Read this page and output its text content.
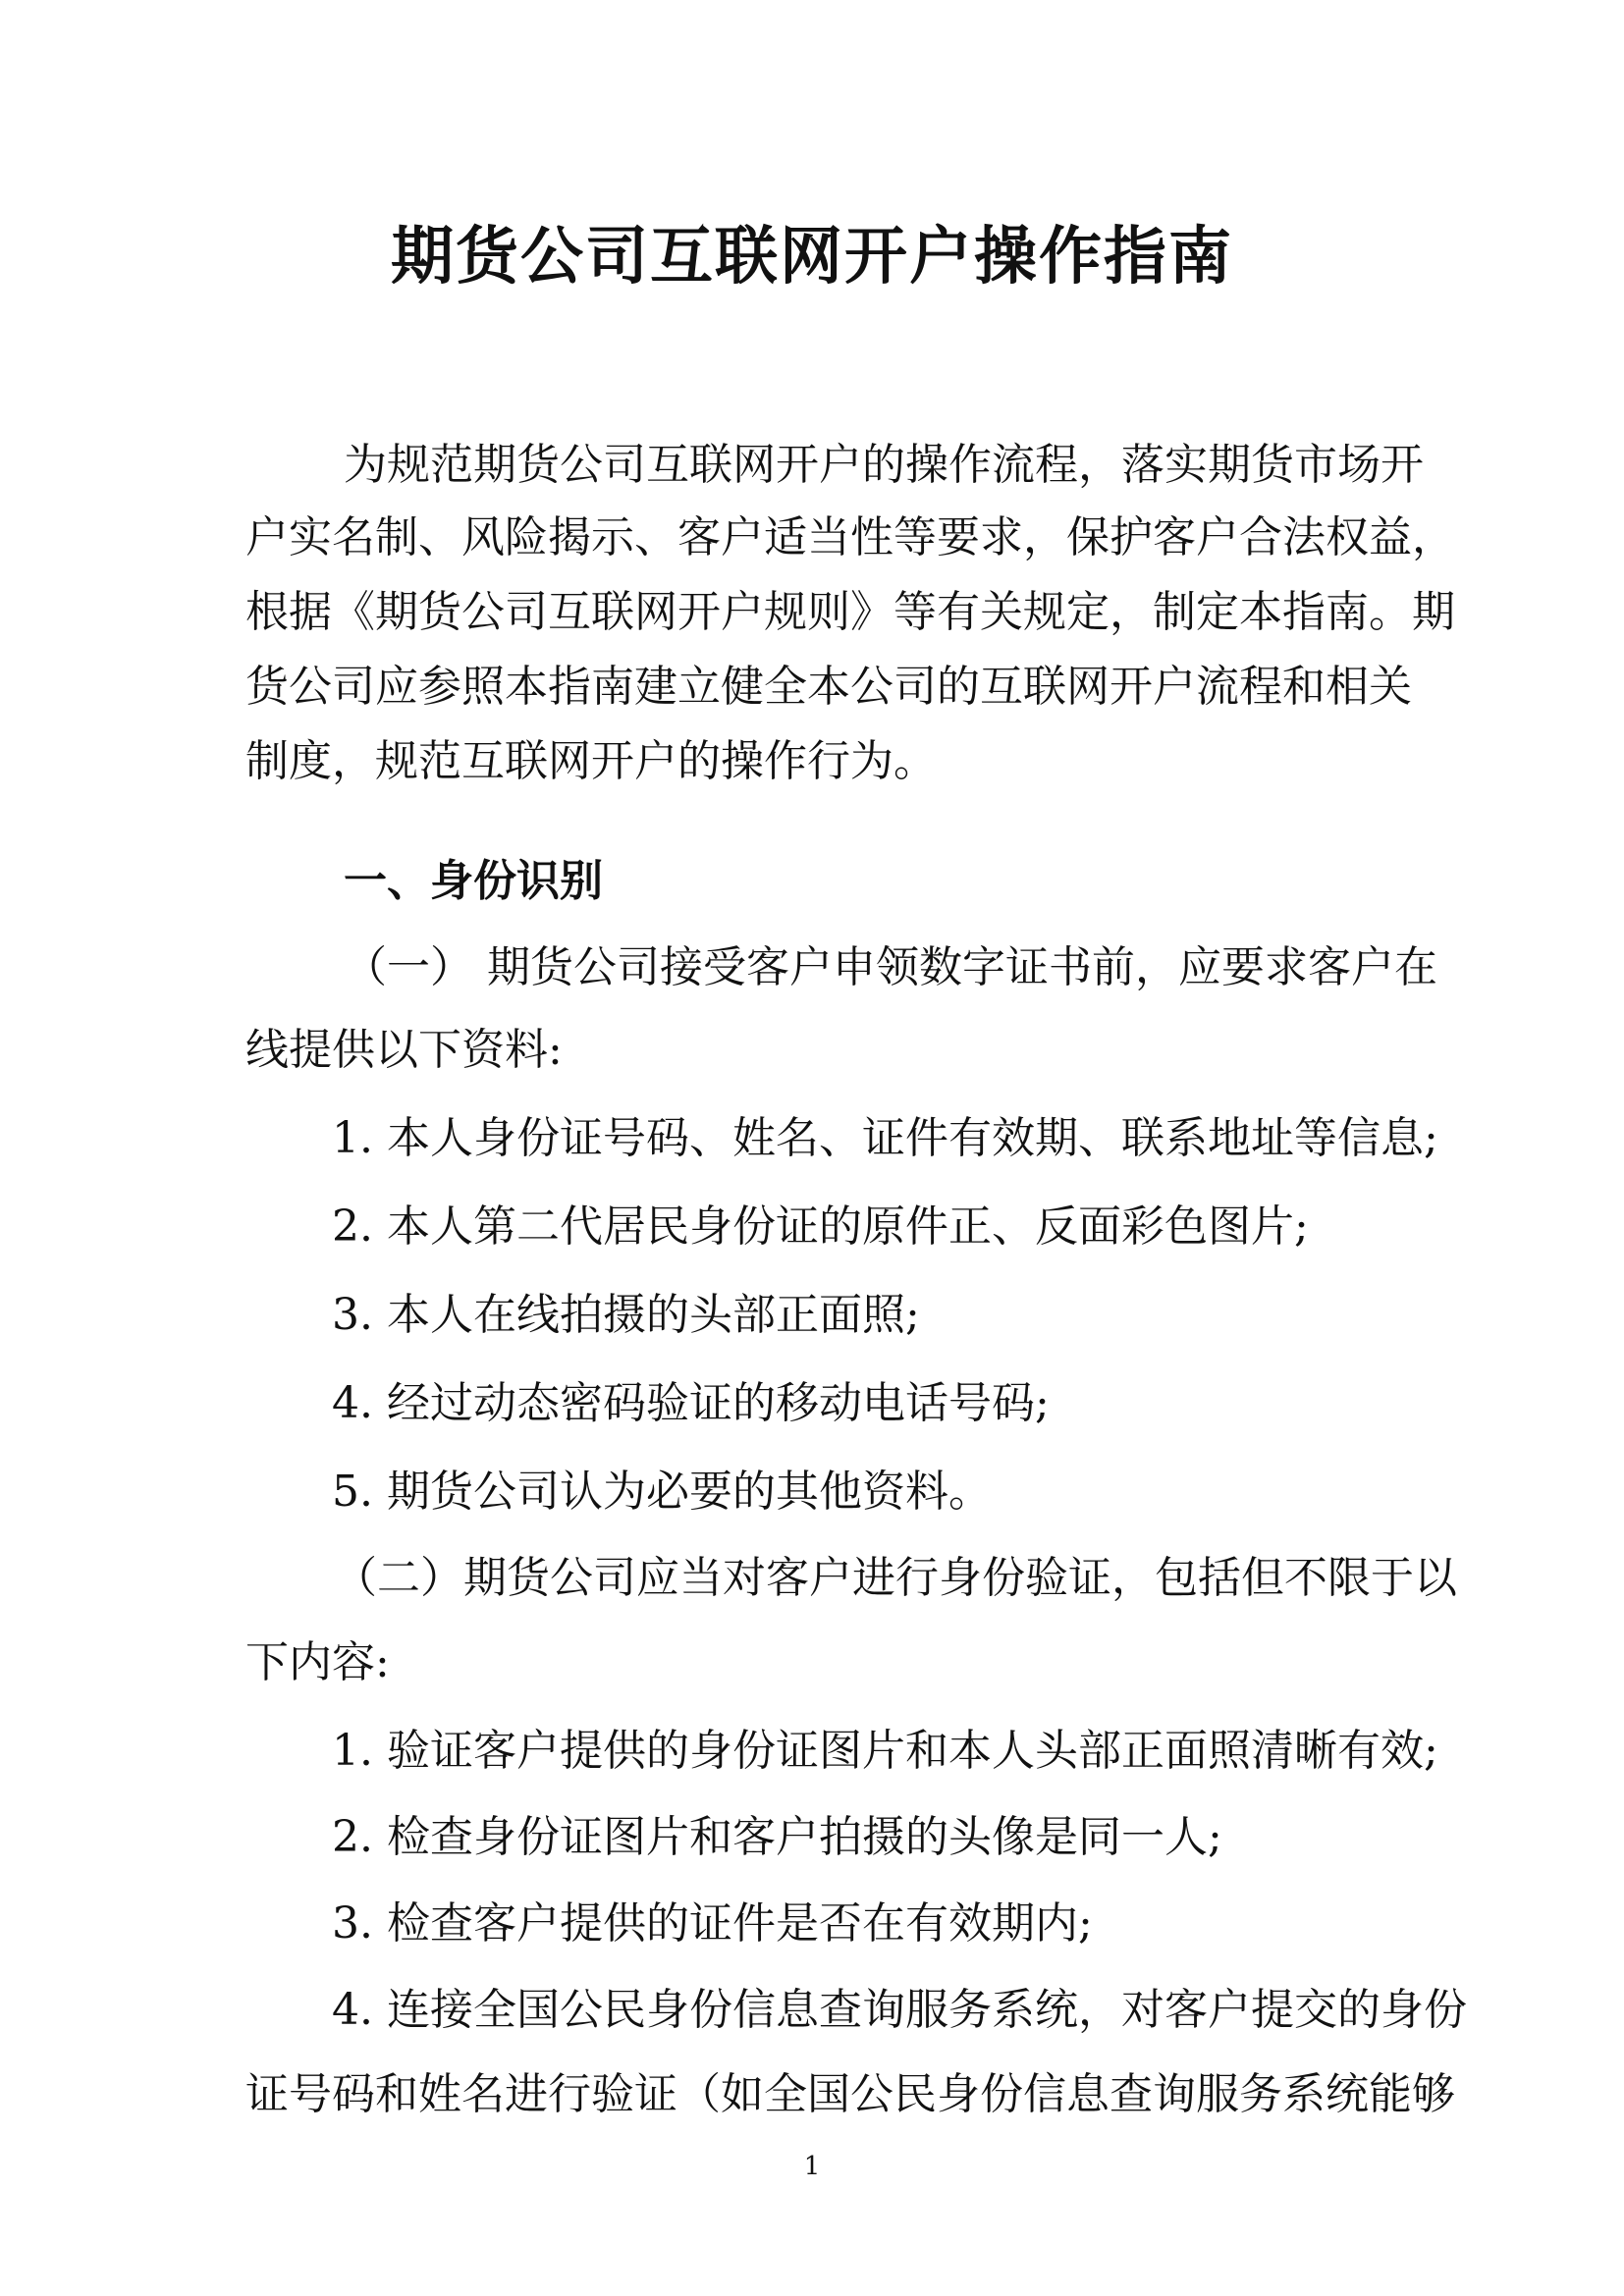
期货公司互联网开户操作指南
为规范期货公司互联网开户的操作流程，落实期货市场开
户实名制、风险揭示、客户适当性等要求，保护客户合法权益，
根据《期货公司互联网开户规则》等有关规定，制定本指南。期
货公司应参照本指南建立健全本公司的互联网开户流程和相关
制度，规范互联网开户的操作行为。
一、身份识别
（一） 期货公司接受客户申领数字证书前，应要求客户在
线提供以下资料:
1. 本人身份证号码、姓名、证件有效期、联系地址等信息;
2. 本人第二代居民身份证的原件正、反面彩色图片;
3. 本人在线拍摄的头部正面照;
4. 经过动态密码验证的移动电话号码;
5. 期货公司认为必要的其他资料。
（二）期货公司应当对客户进行身份验证，包括但不限于以
下内容:
1. 验证客户提供的身份证图片和本人头部正面照清晰有效;
2. 检查身份证图片和客户拍摄的头像是同一人;
3. 检查客户提供的证件是否在有效期内;
4. 连接全国公民身份信息查询服务系统，对客户提交的身份
证号码和姓名进行验证（如全国公民身份信息查询服务系统能够
1
